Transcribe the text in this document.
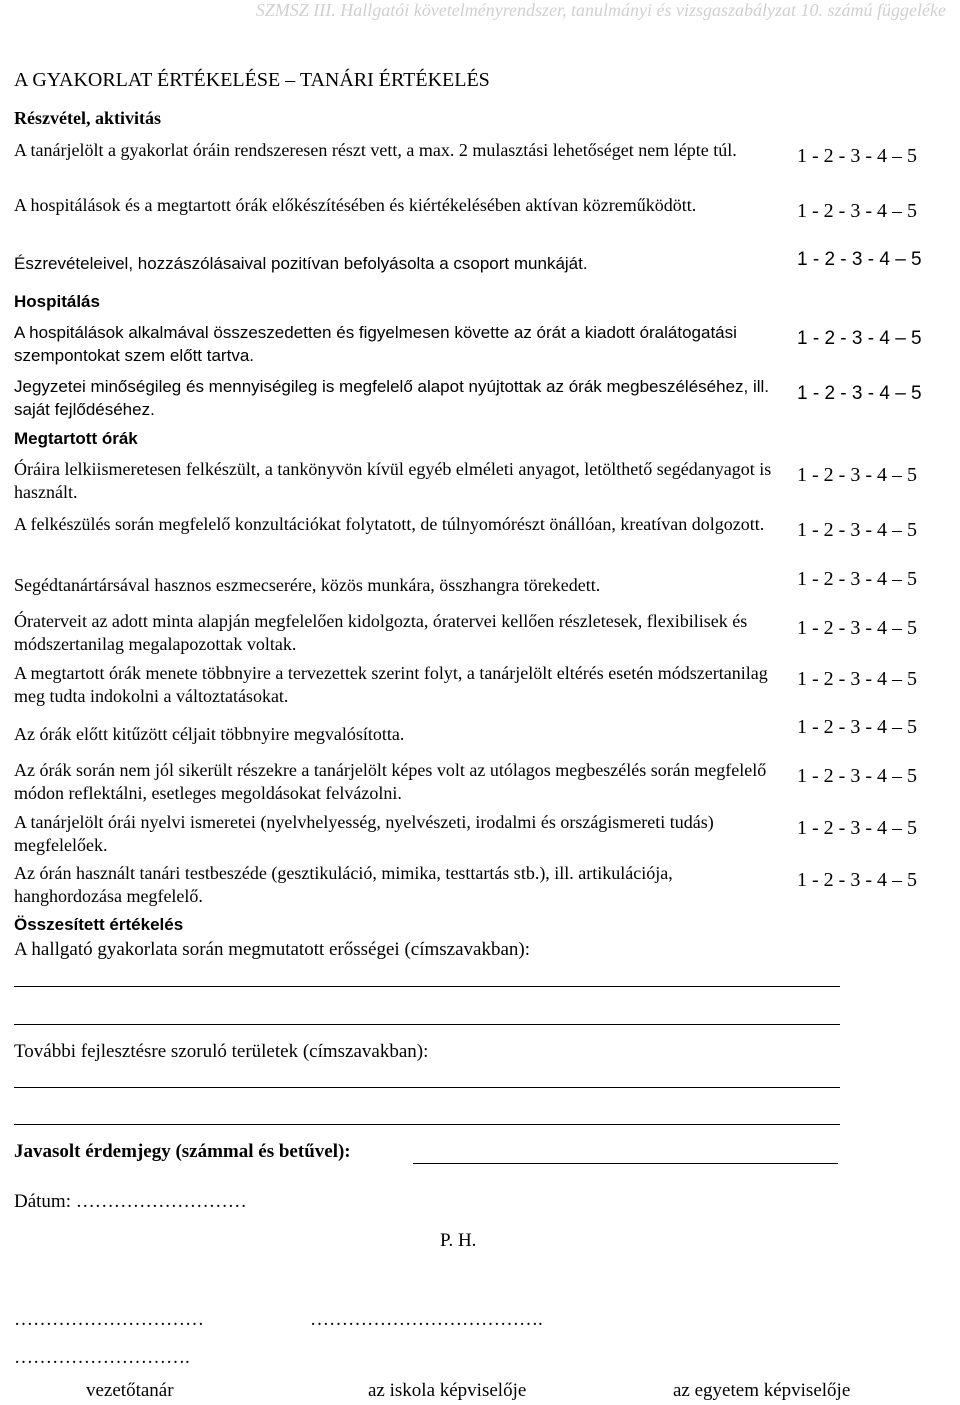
SZMSZ III. Hallgatói követelményrendszer, tanulmányi és vizsgaszabályzat 10. számú függeléke
A GYAKORLAT ÉRTÉKELÉSE – TANÁRI ÉRTÉKELÉS
Részvétel, aktivitás
A tanárjelölt a gyakorlat óráin rendszeresen részt vett, a max. 2 mulasztási lehetőséget nem lépte túl.	1 - 2 - 3 - 4 – 5
A hospitálások és a megtartott órák előkészítésében és kiértékelésében aktívan közreműködött.	1 - 2 - 3 - 4 – 5
Észrevételeivel, hozzászólásaival pozitívan befolyásolta a csoport munkáját.	1 - 2 - 3 - 4 – 5
Hospitálás
A hospitálások alkalmával összeszedetten és figyelmesen követte az órát a kiadott óralátogatási szempontokat szem előtt tartva.
1 - 2 - 3 - 4 – 5
Jegyzetei minőségileg és mennyiségileg is megfelelő alapot nyújtottak az órák megbeszéléséhez, ill. saját fejlődéséhez.
1 - 2 - 3 - 4 – 5
Megtartott órák
Óráira lelkiismeretesen felkészült, a tankönyvön kívül egyéb elméleti anyagot, letölthető segédanyagot is használt.
1 - 2 - 3 - 4 – 5
A felkészülés során megfelelő konzultációkat folytatott, de túlnyomórészt önállóan, kreatívan dolgozott.	1 - 2 - 3 - 4 – 5
Segédtanártársával hasznos eszmecserére, közös munkára, összhangra törekedett.	1 - 2 - 3 - 4 – 5
Óraterveit az adott minta alapján megfelelően kidolgozta, óratervei kellően részletesek, flexibilisek és módszertanilag megalapozottak voltak.
1 - 2 - 3 - 4 – 5
A megtartott órák menete többnyire a tervezettek szerint folyt, a tanárjelölt eltérés esetén módszertanilag meg tudta indokolni a változtatásokat.
1 - 2 - 3 - 4 – 5
Az órák előtt kitűzött céljait többnyire megvalósította.	1 - 2 - 3 - 4 – 5
Az órák során nem jól sikerült részekre a tanárjelölt képes volt az utólagos megbeszélés során megfelelő módon reflektálni, esetleges megoldásokat felvázolni.
1 - 2 - 3 - 4 – 5
A tanárjelölt órái nyelvi ismeretei (nyelvhelyesség, nyelvészeti, irodalmi és országismereti tudás) megfelelőek.
1 - 2 - 3 - 4 – 5
Az órán használt tanári testbeszéde (gesztikuláció, mimika, testtartás stb.), ill. artikulációja, hanghordozása megfelelő.
1 - 2 - 3 - 4 – 5
Összesített értékelés
A hallgató gyakorlata során megmutatott erősségei (címszavakban):
További fejlesztésre szoruló területek (címszavakban):
Javasolt érdemjegy (számmal és betűvel):
Dátum: ………………………
P. H.
…………………………	……………………………….
……………………….
vezetőtanár	az iskola képviselője	az egyetem képviselője
